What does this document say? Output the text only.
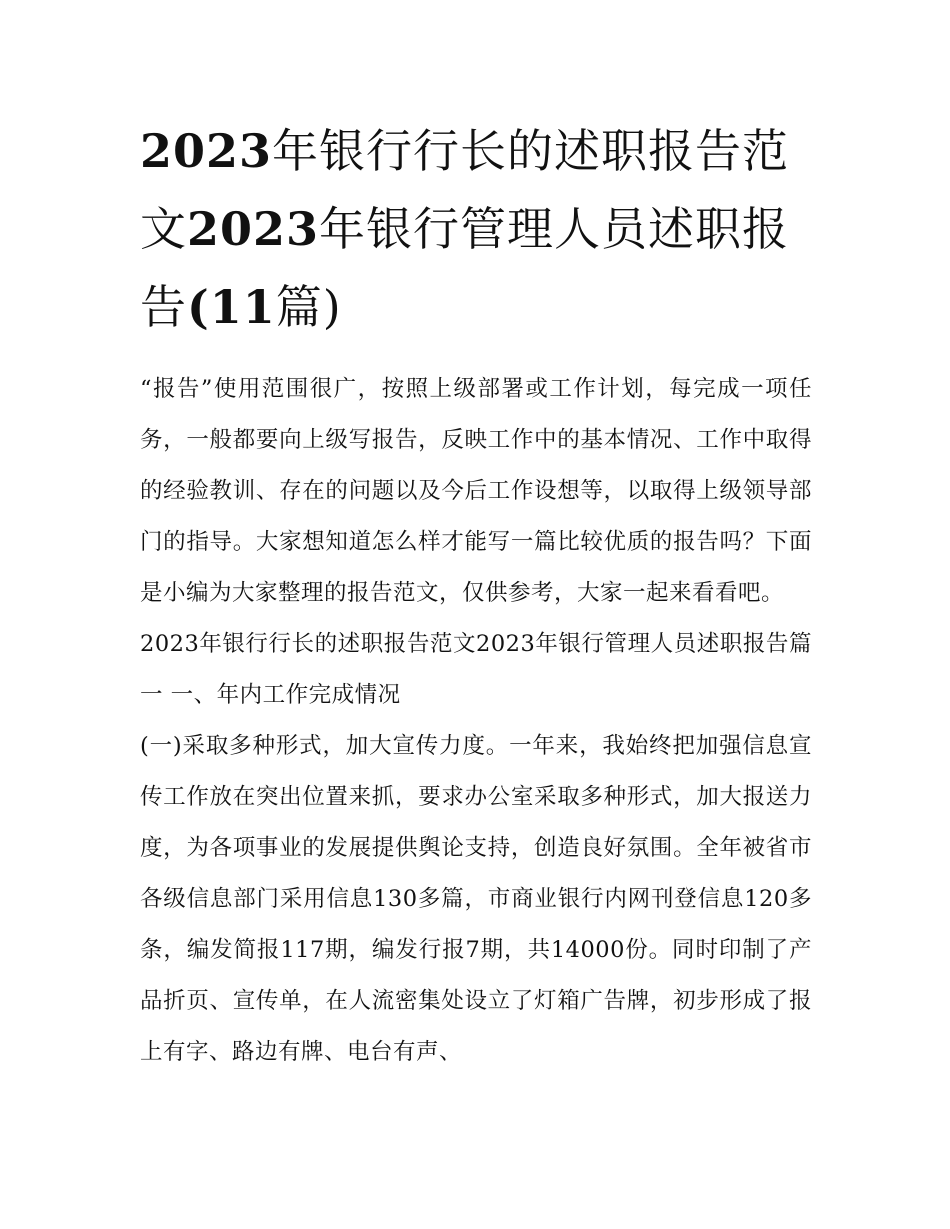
2023年银行行长的述职报告范文2023年银行管理人员述职报告(11篇)

“报告”使用范围很广，按照上级部署或工作计划，每完成一项任务，一般都要向上级写报告，反映工作中的基本情况、工作中取得的经验教训、存在的问题以及今后工作设想等，以取得上级领导部门的指导。大家想知道怎么样才能写一篇比较优质的报告吗？下面是小编为大家整理的报告范文，仅供参考，大家一起来看看吧。

2023年银行行长的述职报告范文2023年银行管理人员述职报告篇一 一、年内工作完成情况

(一)采取多种形式，加大宣传力度。一年来，我始终把加强信息宣传工作放在突出位置来抓，要求办公室采取多种形式，加大报送力度，为各项事业的发展提供舆论支持，创造良好氛围。全年被省市各级信息部门采用信息130多篇，市商业银行内网刊登信息120多条，编发简报117期，编发行报7期，共14000份。同时印制了产品折页、宣传单，在人流密集处设立了灯箱广告牌，初步形成了报上有字、路边有牌、电台有声、
